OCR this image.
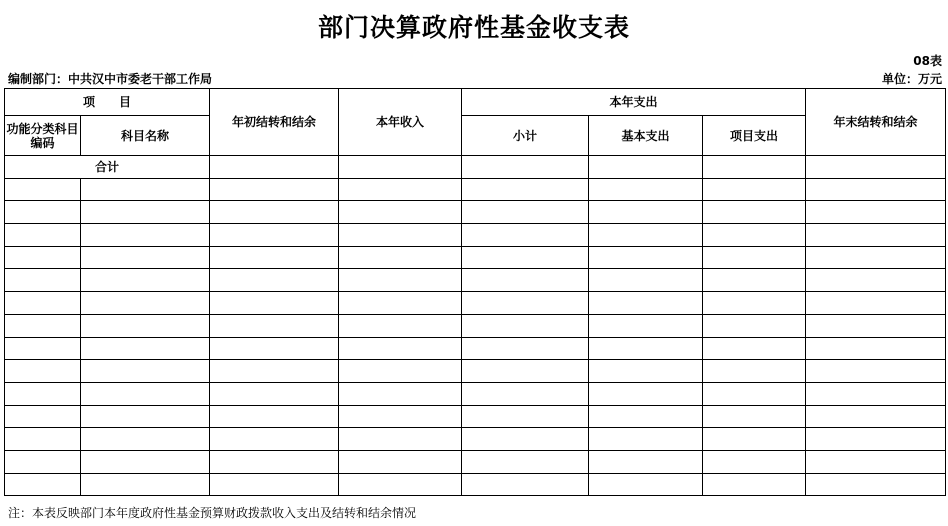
部门决算政府性基金收支表
08表
编制部门：中共汉中市委老干部工作局	单位：万元
项　　目		年初结转和结余	本年收入	本年支出			年末结转和结余
功能分类科目编码	科目名称			小计	基本支出	项目支出	
合计							

注：本表反映部门本年度政府性基金预算财政拨款收入支出及结转和结余情况
